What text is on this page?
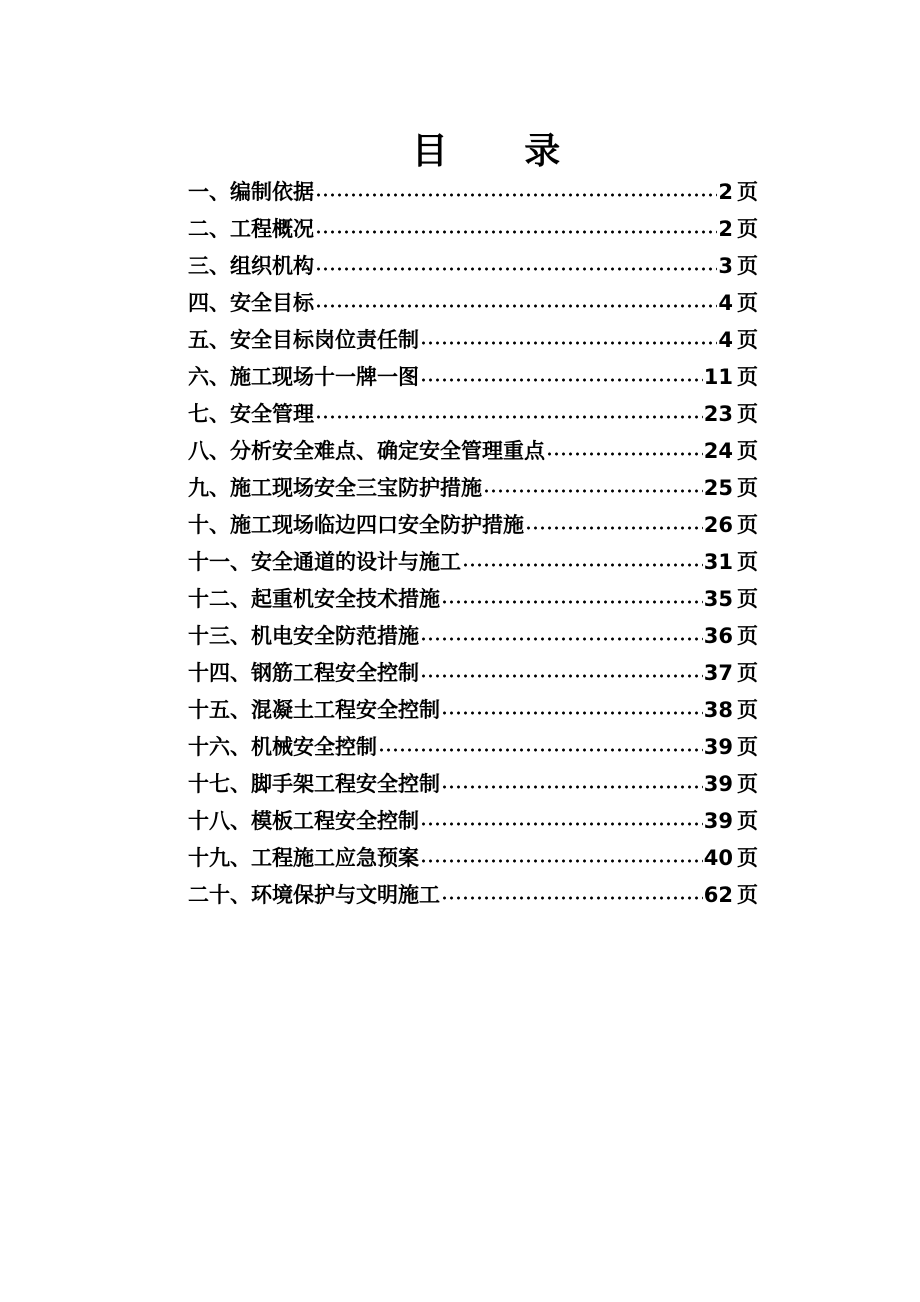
目 录
一、编制依据	2 页
二、工程概况	2 页
三、组织机构	3 页
四、安全目标	4 页
五、安全目标岗位责任制	4 页
六、施工现场十一牌一图	11 页
七、安全管理	23 页
八、分析安全难点、确定安全管理重点	24 页
九、施工现场安全三宝防护措施	25 页
十、施工现场临边四口安全防护措施	26 页
十一、安全通道的设计与施工	31 页
十二、起重机安全技术措施	35 页
十三、机电安全防范措施	36 页
十四、钢筋工程安全控制	37 页
十五、混凝土工程安全控制	38 页
十六、机械安全控制	39 页
十七、脚手架工程安全控制	39 页
十八、模板工程安全控制	39 页
十九、工程施工应急预案	40 页
二十、环境保护与文明施工	62 页
